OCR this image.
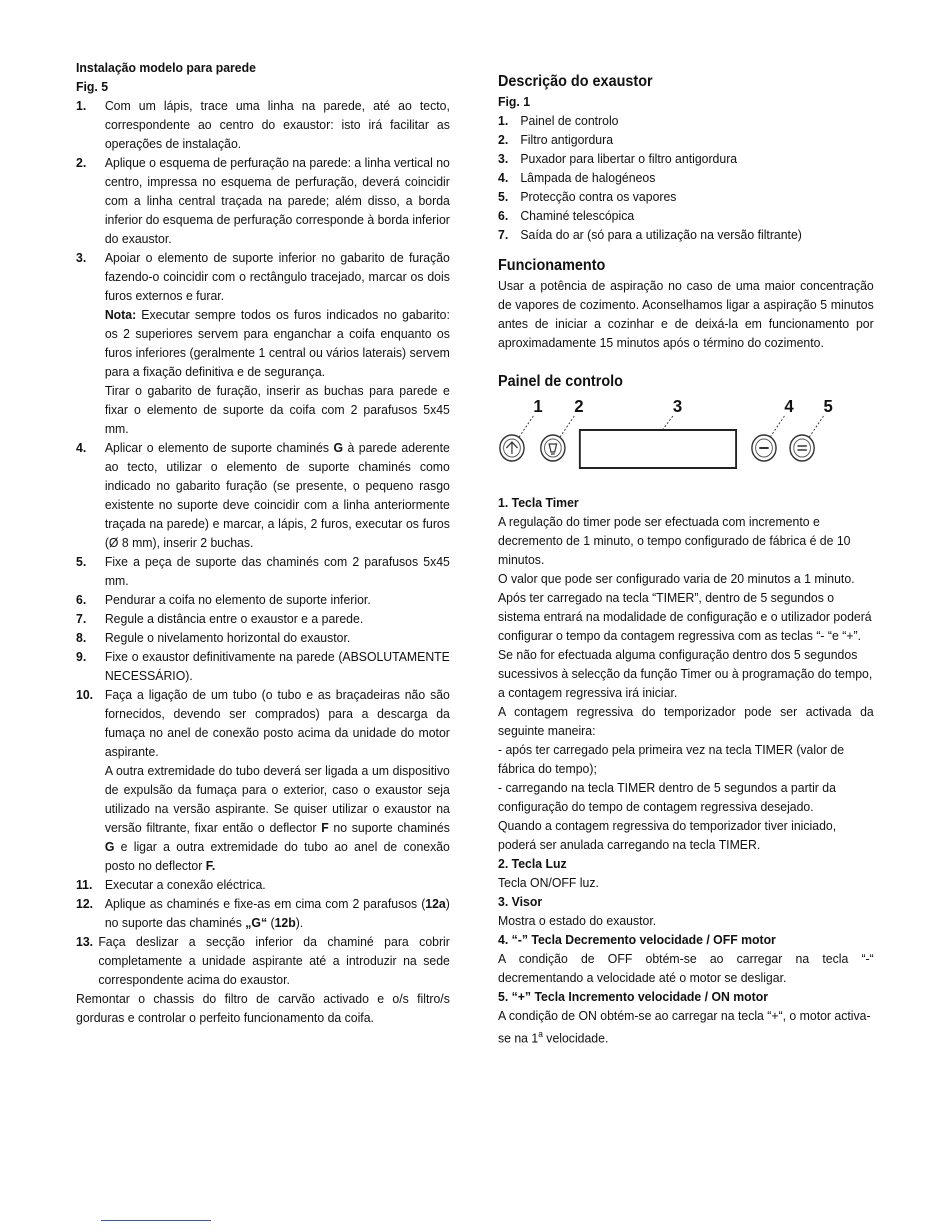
Instalação modelo para parede
Fig. 5
1. Com um lápis, trace uma linha na parede, até ao tecto, correspondente ao centro do exaustor: isto irá facilitar as operações de instalação.

2. Aplique o esquema de perfuração na parede: a linha vertical no centro, impressa no esquema de perfuração, deverá coincidir com a linha central traçada na parede; além disso, a borda inferior do esquema de perfuração corresponde à borda inferior do exaustor.

3. Apoiar o elemento de suporte inferior no gabarito de furação fazendo-o coincidir com o rectângulo tracejado, marcar os dois furos externos e furar.

Nota: Executar sempre todos os furos indicados no gabarito: os 2 superiores servem para enganchar a coifa enquanto os furos inferiores (geralmente 1 central ou vários laterais) servem para a fixação definitiva e de segurança.

Tirar o gabarito de furação, inserir as buchas para parede e fixar o elemento de suporte da coifa com 2 parafusos 5x45 mm.

4. Aplicar o elemento de suporte chaminés G à parede aderente ao tecto, utilizar o elemento de suporte chaminés como indicado no gabarito furação (se presente, o pequeno rasgo existente no suporte deve coincidir com a linha anteriormente traçada na parede) e marcar, a lápis, 2 furos, executar os furos (Ø 8 mm), inserir 2 buchas.

5. Fixe a peça de suporte das chaminés com 2 parafusos 5x45 mm.

6. Pendurar a coifa no elemento de suporte inferior.

7. Regule a distância entre o exaustor e a parede.

8. Regule o nivelamento horizontal do exaustor.

9. Fixe o exaustor definitivamente na parede (ABSOLUTAMENTE NECESSÁRIO).

10. Faça a ligação de um tubo (o tubo e as braçadeiras não são fornecidos, devendo ser comprados) para a descarga da fumaça no anel de conexão posto acima da unidade do motor aspirante.

A outra extremidade do tubo deverá ser ligada a um dispositivo de expulsão da fumaça para o exterior, caso o exaustor seja utilizado na versão aspirante. Se quiser utilizar o exaustor na versão filtrante, fixar então o deflector F no suporte chaminés G e ligar a outra extremidade do tubo ao anel de conexão posto no deflector F.

11. Executar a conexão eléctrica.

12. Aplique as chaminés e fixe-as em cima com 2 parafusos (12a) no suporte das chaminés „G“ (12b).

13. Faça deslizar a secção inferior da chaminé para cobrir completamente a unidade aspirante até a introduzir na sede correspondente acima do exaustor.

Remontar o chassis do filtro de carvão activado e o/s filtro/s gorduras e controlar o perfeito funcionamento da coifa.
Descrição do exaustor
Fig. 1
1. Painel de controlo
2. Filtro antigordura
3. Puxador para libertar o filtro antigordura
4. Lâmpada de halogéneos
5. Protecção contra os vapores
6. Chaminé telescópica
7. Saída do ar (só para a utilização na versão filtrante)
Funcionamento
Usar a potência de aspiração no caso de uma maior concentração de vapores de cozimento. Aconselhamos ligar a aspiração 5 minutos antes de iniciar a cozinhar e de deixá-la em funcionamento por aproximadamente 15 minutos após o término do cozimento.
Painel de controlo
1 2	3	4 5
1. Tecla Timer
A regulação do timer pode ser efectuada com incremento e decremento de 1 minuto, o tempo configurado de fábrica é de 10 minutos.
O valor que pode ser configurado varia de 20 minutos a 1 minuto.
Após ter carregado na tecla “TIMER”, dentro de 5 segundos o sistema entrará na modalidade de configuração e o utilizador poderá configurar o tempo da contagem regressiva com as teclas “- “e “+”. Se não for efectuada alguma configuração dentro dos 5 segundos sucessivos à selecção da função Timer ou à programação do tempo, a contagem regressiva irá iniciar.
A contagem regressiva do temporizador pode ser activada da seguinte maneira:
- após ter carregado pela primeira vez na tecla TIMER (valor de fábrica do tempo);
- carregando na tecla TIMER dentro de 5 segundos a partir da configuração do tempo de contagem regressiva desejado.
Quando a contagem regressiva do temporizador tiver iniciado, poderá ser anulada carregando na tecla TIMER.
2. Tecla Luz
Tecla ON/OFF luz.
3. Visor
Mostra o estado do exaustor.
4. “-” Tecla Decremento velocidade / OFF motor
A condição de OFF obtém-se ao carregar na tecla “-“ decrementando a velocidade até o motor se desligar.
5. “+” Tecla Incremento velocidade / ON motor
A condição de ON obtém-se ao carregar na tecla “+“, o motor activa-se na 1$^a$ velocidade.
